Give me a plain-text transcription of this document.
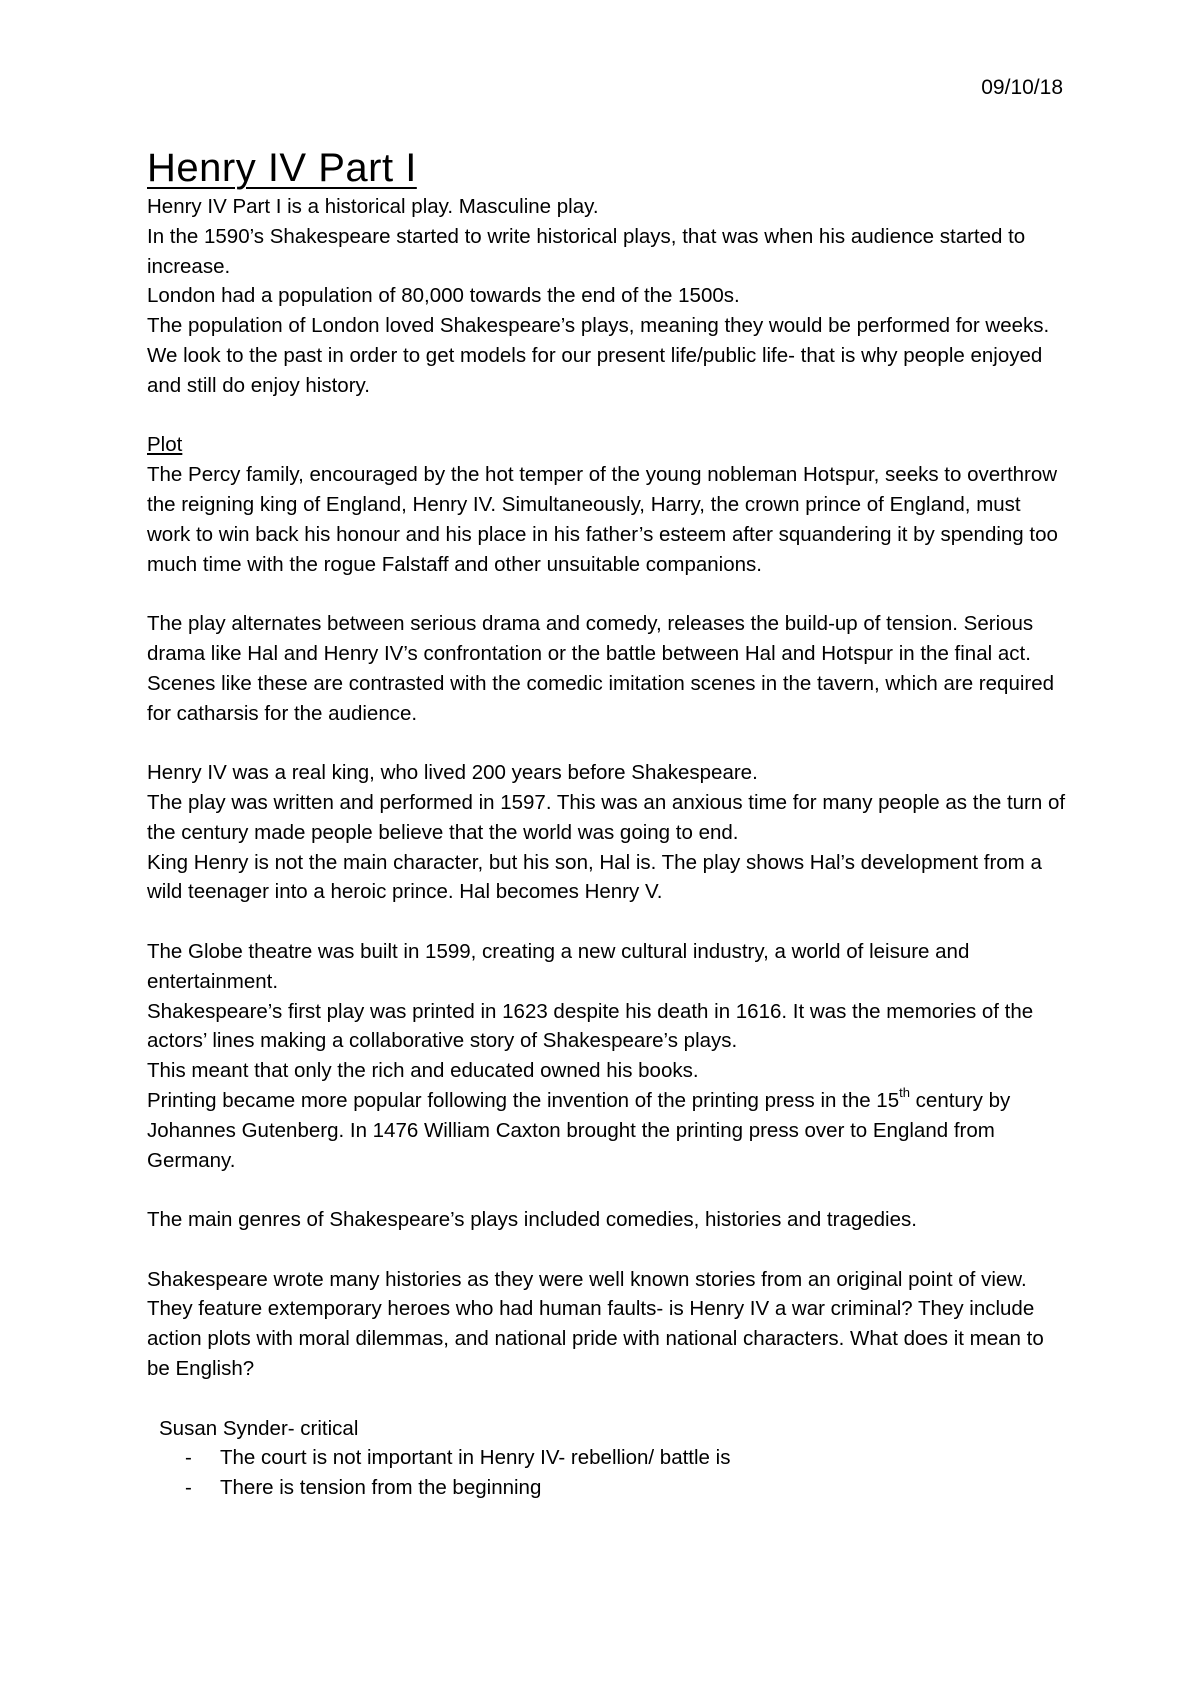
09/10/18
Henry IV Part I

Henry IV Part I is a historical play. Masculine play.

In the 1590’s Shakespeare started to write historical plays, that was when his audience started to increase.

London had a population of 80,000 towards the end of the 1500s.

The population of London loved Shakespeare’s plays, meaning they would be performed for weeks.

We look to the past in order to get models for our present life/public life- that is why people enjoyed and still do enjoy history.

Plot

The Percy family, encouraged by the hot temper of the young nobleman Hotspur, seeks to overthrow the reigning king of England, Henry IV. Simultaneously, Harry, the crown prince of England, must work to win back his honour and his place in his father’s esteem after squandering it by spending too much time with the rogue Falstaff and other unsuitable companions.

The play alternates between serious drama and comedy, releases the build-up of tension. Serious drama like Hal and Henry IV’s confrontation or the battle between Hal and Hotspur in the final act. Scenes like these are contrasted with the comedic imitation scenes in the tavern, which are required for catharsis for the audience.

Henry IV was a real king, who lived 200 years before Shakespeare.

The play was written and performed in 1597. This was an anxious time for many people as the turn of the century made people believe that the world was going to end.

King Henry is not the main character, but his son, Hal is. The play shows Hal’s development from a wild teenager into a heroic prince. Hal becomes Henry V.

The Globe theatre was built in 1599, creating a new cultural industry, a world of leisure and entertainment.

Shakespeare’s first play was printed in 1623 despite his death in 1616. It was the memories of the actors’ lines making a collaborative story of Shakespeare’s plays.

This meant that only the rich and educated owned his books.

Printing became more popular following the invention of the printing press in the 15th century by Johannes Gutenberg. In 1476 William Caxton brought the printing press over to England from Germany.

The main genres of Shakespeare’s plays included comedies, histories and tragedies.

Shakespeare wrote many histories as they were well known stories from an original point of view. They feature extemporary heroes who had human faults- is Henry IV a war criminal? They include action plots with moral dilemmas, and national pride with national characters. What does it mean to be English?

Susan Synder- critical

- The court is not important in Henry IV- rebellion/ battle is
- There is tension from the beginning
